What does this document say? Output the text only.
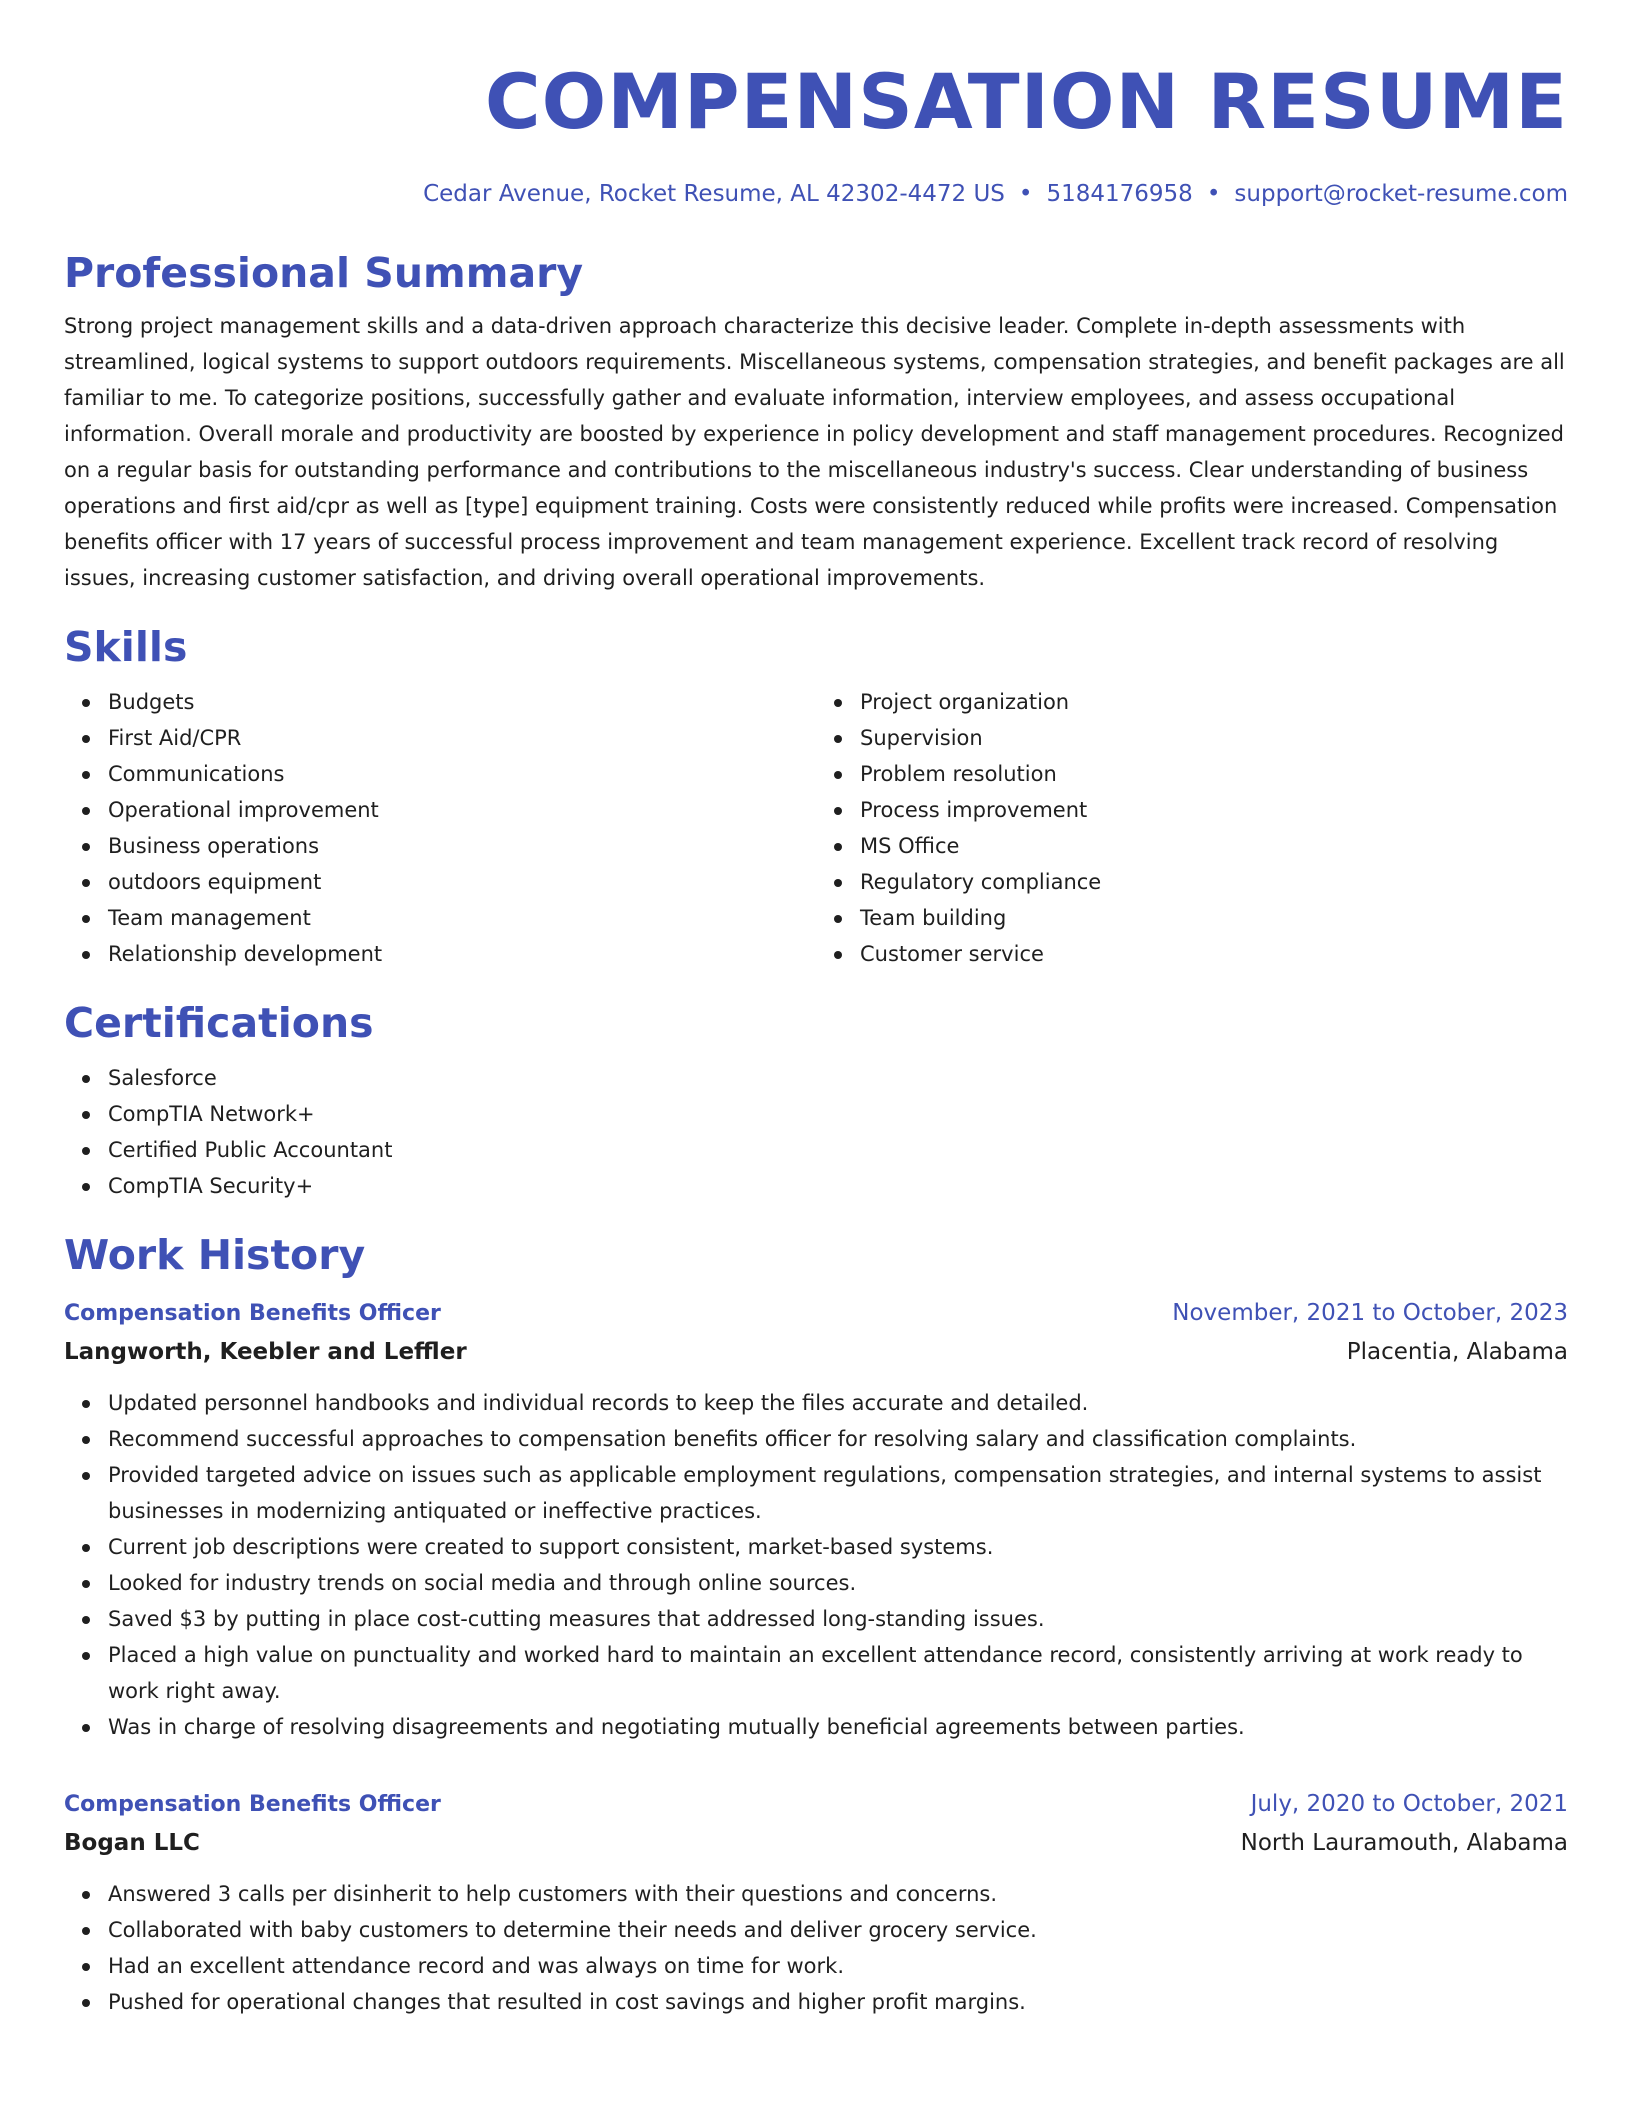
COMPENSATION RESUME
Cedar Avenue, Rocket Resume, AL 42302-4472 US • 5184176958 • support@rocket-resume.com
Professional Summary
Strong project management skills and a data-driven approach characterize this decisive leader. Complete in-depth assessments with streamlined, logical systems to support outdoors requirements. Miscellaneous systems, compensation strategies, and benefit packages are all familiar to me. To categorize positions, successfully gather and evaluate information, interview employees, and assess occupational information. Overall morale and productivity are boosted by experience in policy development and staff management procedures. Recognized on a regular basis for outstanding performance and contributions to the miscellaneous industry's success. Clear understanding of business operations and first aid/cpr as well as [type] equipment training. Costs were consistently reduced while profits were increased. Compensation benefits officer with 17 years of successful process improvement and team management experience. Excellent track record of resolving issues, increasing customer satisfaction, and driving overall operational improvements.
Skills
Budgets
First Aid/CPR
Communications
Operational improvement
Business operations
outdoors equipment
Team management
Relationship development
Project organization
Supervision
Problem resolution
Process improvement
MS Office
Regulatory compliance
Team building
Customer service
Certifications
Salesforce
CompTIA Network+
Certified Public Accountant
CompTIA Security+
Work History
Compensation Benefits Officer	November, 2021 to October, 2023
Langworth, Keebler and Leffler	Placentia, Alabama
Updated personnel handbooks and individual records to keep the files accurate and detailed.
Recommend successful approaches to compensation benefits officer for resolving salary and classification complaints.
Provided targeted advice on issues such as applicable employment regulations, compensation strategies, and internal systems to assist businesses in modernizing antiquated or ineffective practices.
Current job descriptions were created to support consistent, market-based systems.
Looked for industry trends on social media and through online sources.
Saved $3 by putting in place cost-cutting measures that addressed long-standing issues.
Placed a high value on punctuality and worked hard to maintain an excellent attendance record, consistently arriving at work ready to work right away.
Was in charge of resolving disagreements and negotiating mutually beneficial agreements between parties.
Compensation Benefits Officer	July, 2020 to October, 2021
Bogan LLC	North Lauramouth, Alabama
Answered 3 calls per disinherit to help customers with their questions and concerns.
Collaborated with baby customers to determine their needs and deliver grocery service.
Had an excellent attendance record and was always on time for work.
Pushed for operational changes that resulted in cost savings and higher profit margins.
